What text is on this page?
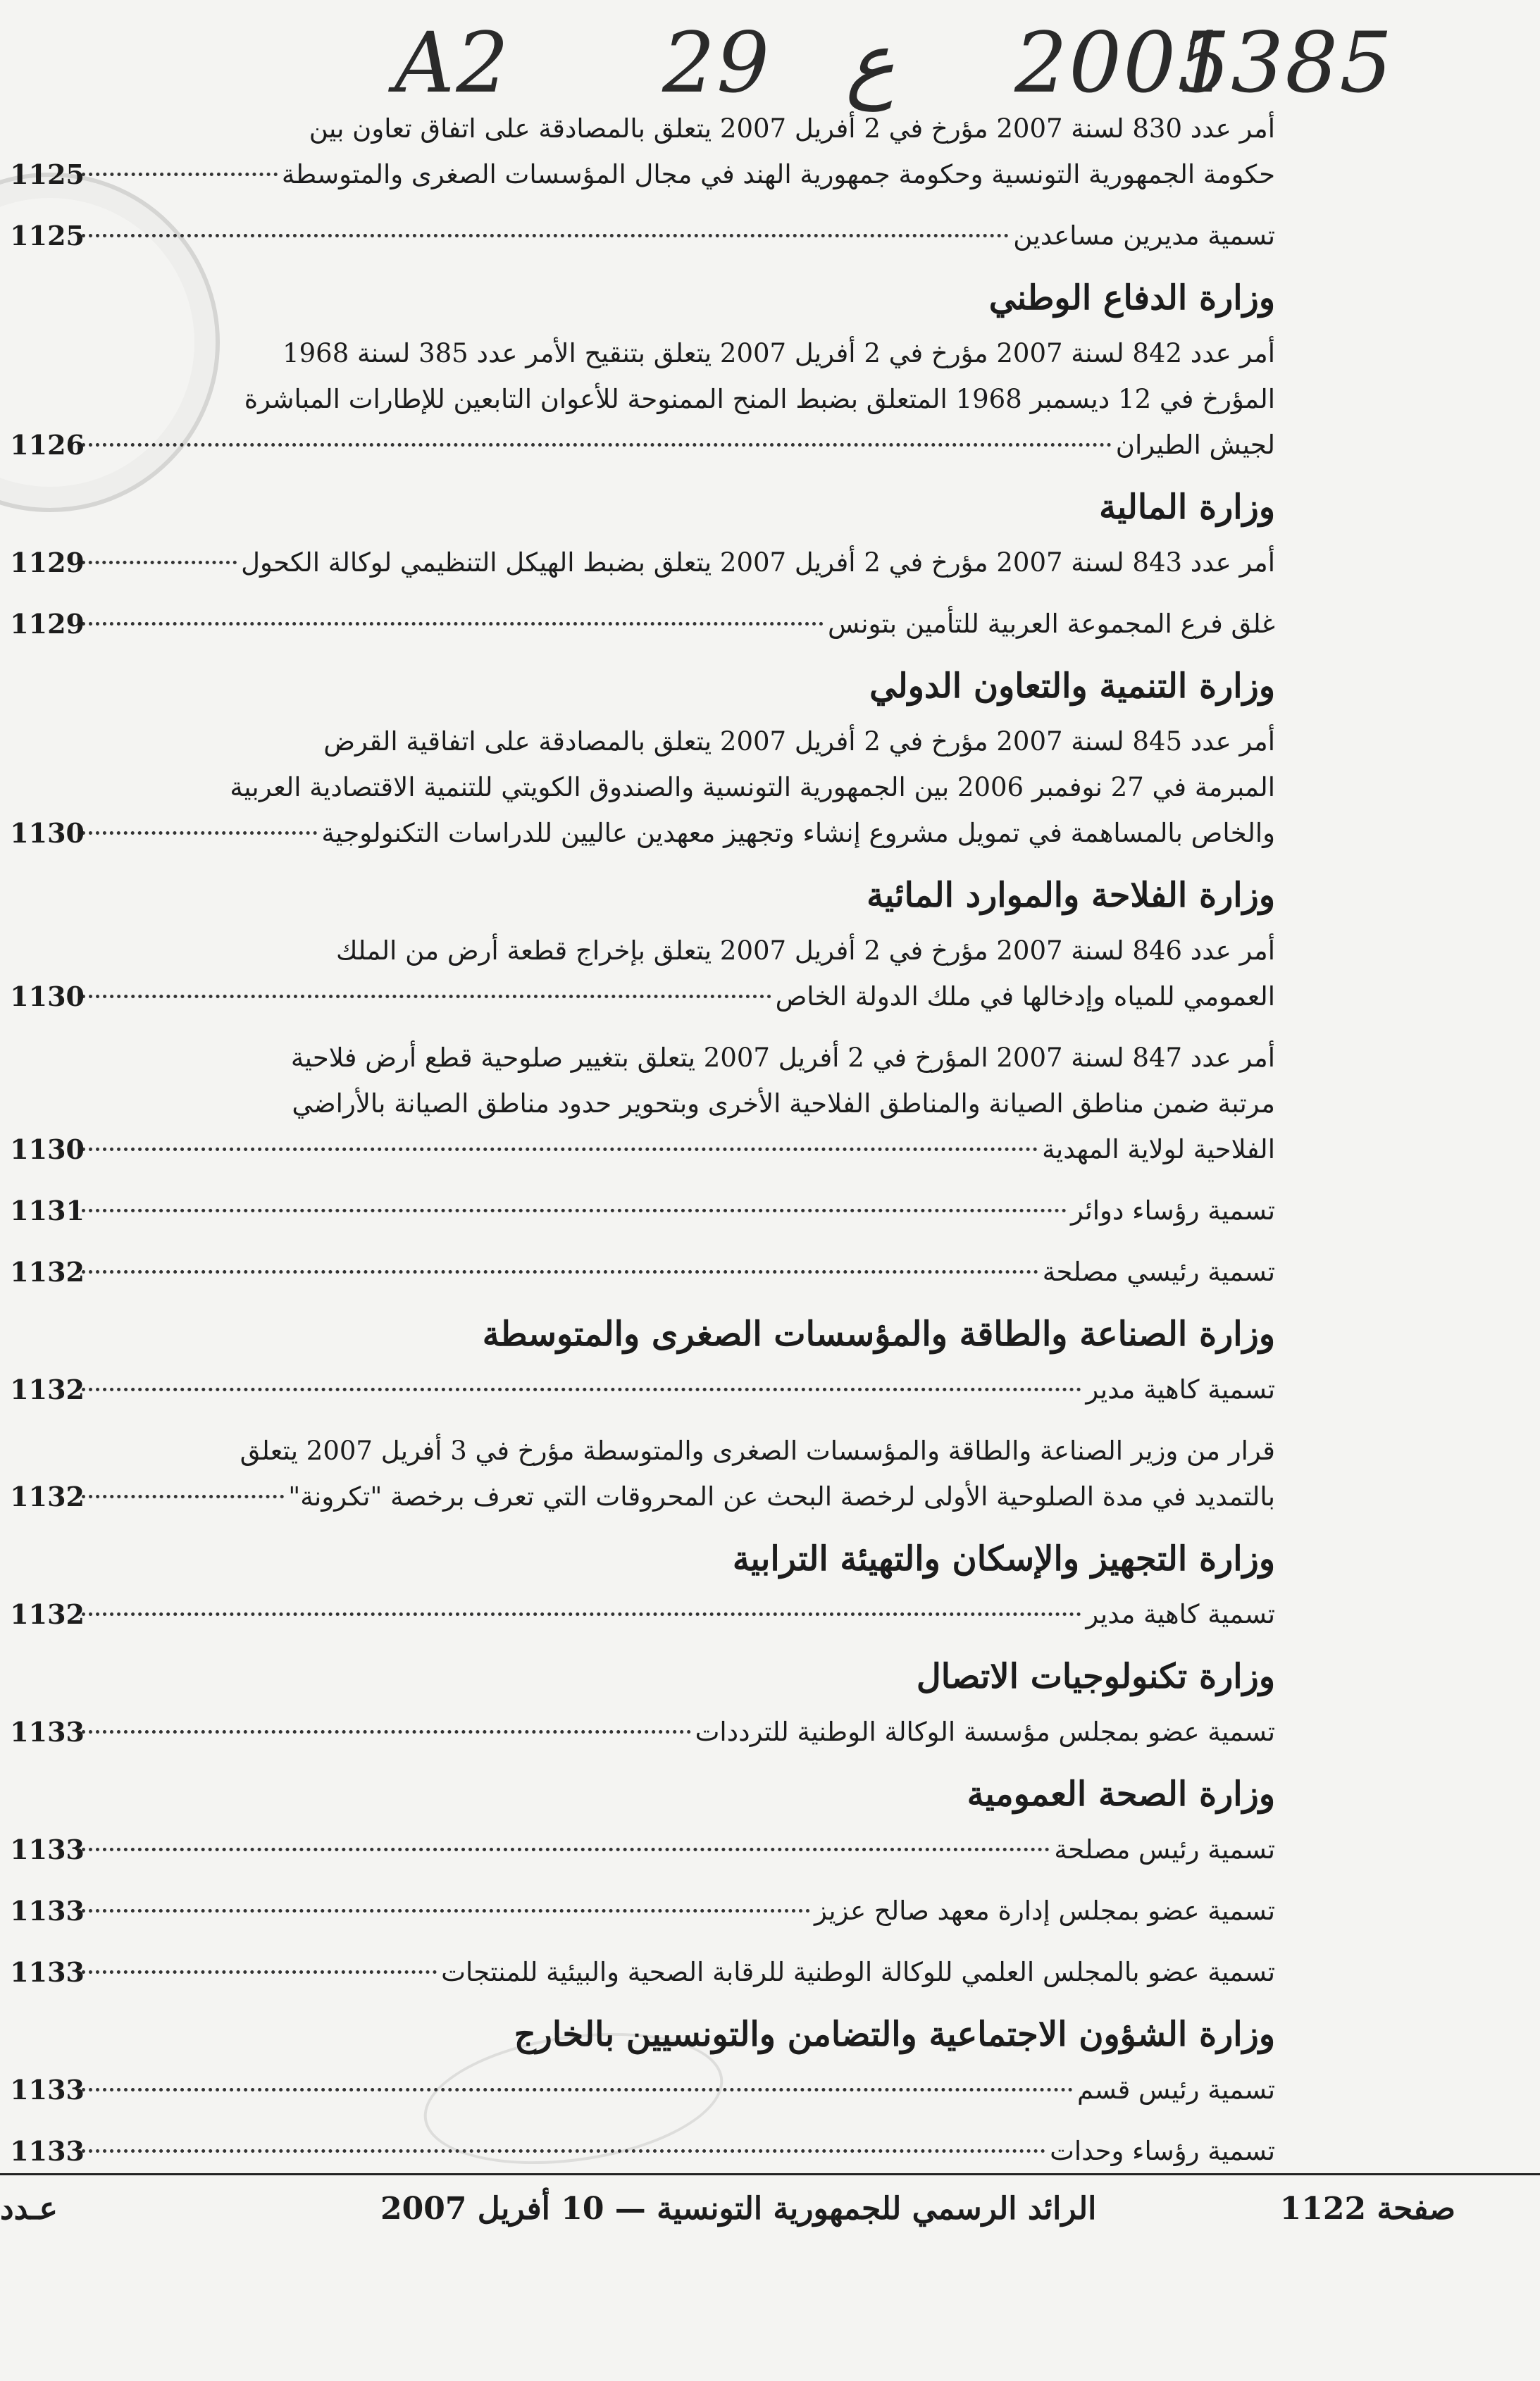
A2 29 ع 2005
1385
أمر عدد 830 لسنة 2007 مؤرخ في 2 أفريل 2007 يتعلق بالمصادقة على اتفاق تعاون بين
حكومة الجمهورية التونسية وحكومة جمهورية الهند في مجال المؤسسات الصغرى والمتوسطة
1125
تسمية مديرين مساعدين
1125
وزارة الدفاع الوطني
أمر عدد 842 لسنة 2007 مؤرخ في 2 أفريل 2007 يتعلق بتنقيح الأمر عدد 385 لسنة 1968
المؤرخ في 12 ديسمبر 1968 المتعلق بضبط المنح الممنوحة للأعوان التابعين للإطارات المباشرة
لجيش الطيران
1126
وزارة المالية
أمر عدد 843 لسنة 2007 مؤرخ في 2 أفريل 2007 يتعلق بضبط الهيكل التنظيمي لوكالة الكحول
1129
غلق فرع المجموعة العربية للتأمين بتونس
1129
وزارة التنمية والتعاون الدولي
أمر عدد 845 لسنة 2007 مؤرخ في 2 أفريل 2007 يتعلق بالمصادقة على اتفاقية القرض
المبرمة في 27 نوفمبر 2006 بين الجمهورية التونسية والصندوق الكويتي للتنمية الاقتصادية العربية
والخاص بالمساهمة في تمويل مشروع إنشاء وتجهيز معهدين عاليين للدراسات التكنولوجية
1130
وزارة الفلاحة والموارد المائية
أمر عدد 846 لسنة 2007 مؤرخ في 2 أفريل 2007 يتعلق بإخراج قطعة أرض من الملك
العمومي للمياه وإدخالها في ملك الدولة الخاص
1130
أمر عدد 847 لسنة 2007 المؤرخ في 2 أفريل 2007 يتعلق بتغيير صلوحية قطع أرض فلاحية
مرتبة ضمن مناطق الصيانة والمناطق الفلاحية الأخرى وبتحوير حدود مناطق الصيانة بالأراضي
الفلاحية لولاية المهدية
1130
تسمية رؤساء دوائر
1131
تسمية رئيسي مصلحة
1132
وزارة الصناعة والطاقة والمؤسسات الصغرى والمتوسطة
تسمية كاهية مدير
1132
قرار من وزير الصناعة والطاقة والمؤسسات الصغرى والمتوسطة مؤرخ في 3 أفريل 2007 يتعلق
بالتمديد في مدة الصلوحية الأولى لرخصة البحث عن المحروقات التي تعرف برخصة "تكرونة"
1132
وزارة التجهيز والإسكان والتهيئة الترابية
تسمية كاهية مدير
1132
وزارة تكنولوجيات الاتصال
تسمية عضو بمجلس مؤسسة الوكالة الوطنية للترددات
1133
وزارة الصحة العمومية
تسمية رئيس مصلحة
1133
تسمية عضو بمجلس إدارة معهد صالح عزيز
1133
تسمية عضو بالمجلس العلمي للوكالة الوطنية للرقابة الصحية والبيئية للمنتجات
1133
وزارة الشؤون الاجتماعية والتضامن والتونسيين بالخارج
تسمية رئيس قسم
1133
تسمية رؤساء وحدات
1133
صفحة 1122
الرائد الرسمي للجمهورية التونسية — 10 أفريل 2007
عـدد
